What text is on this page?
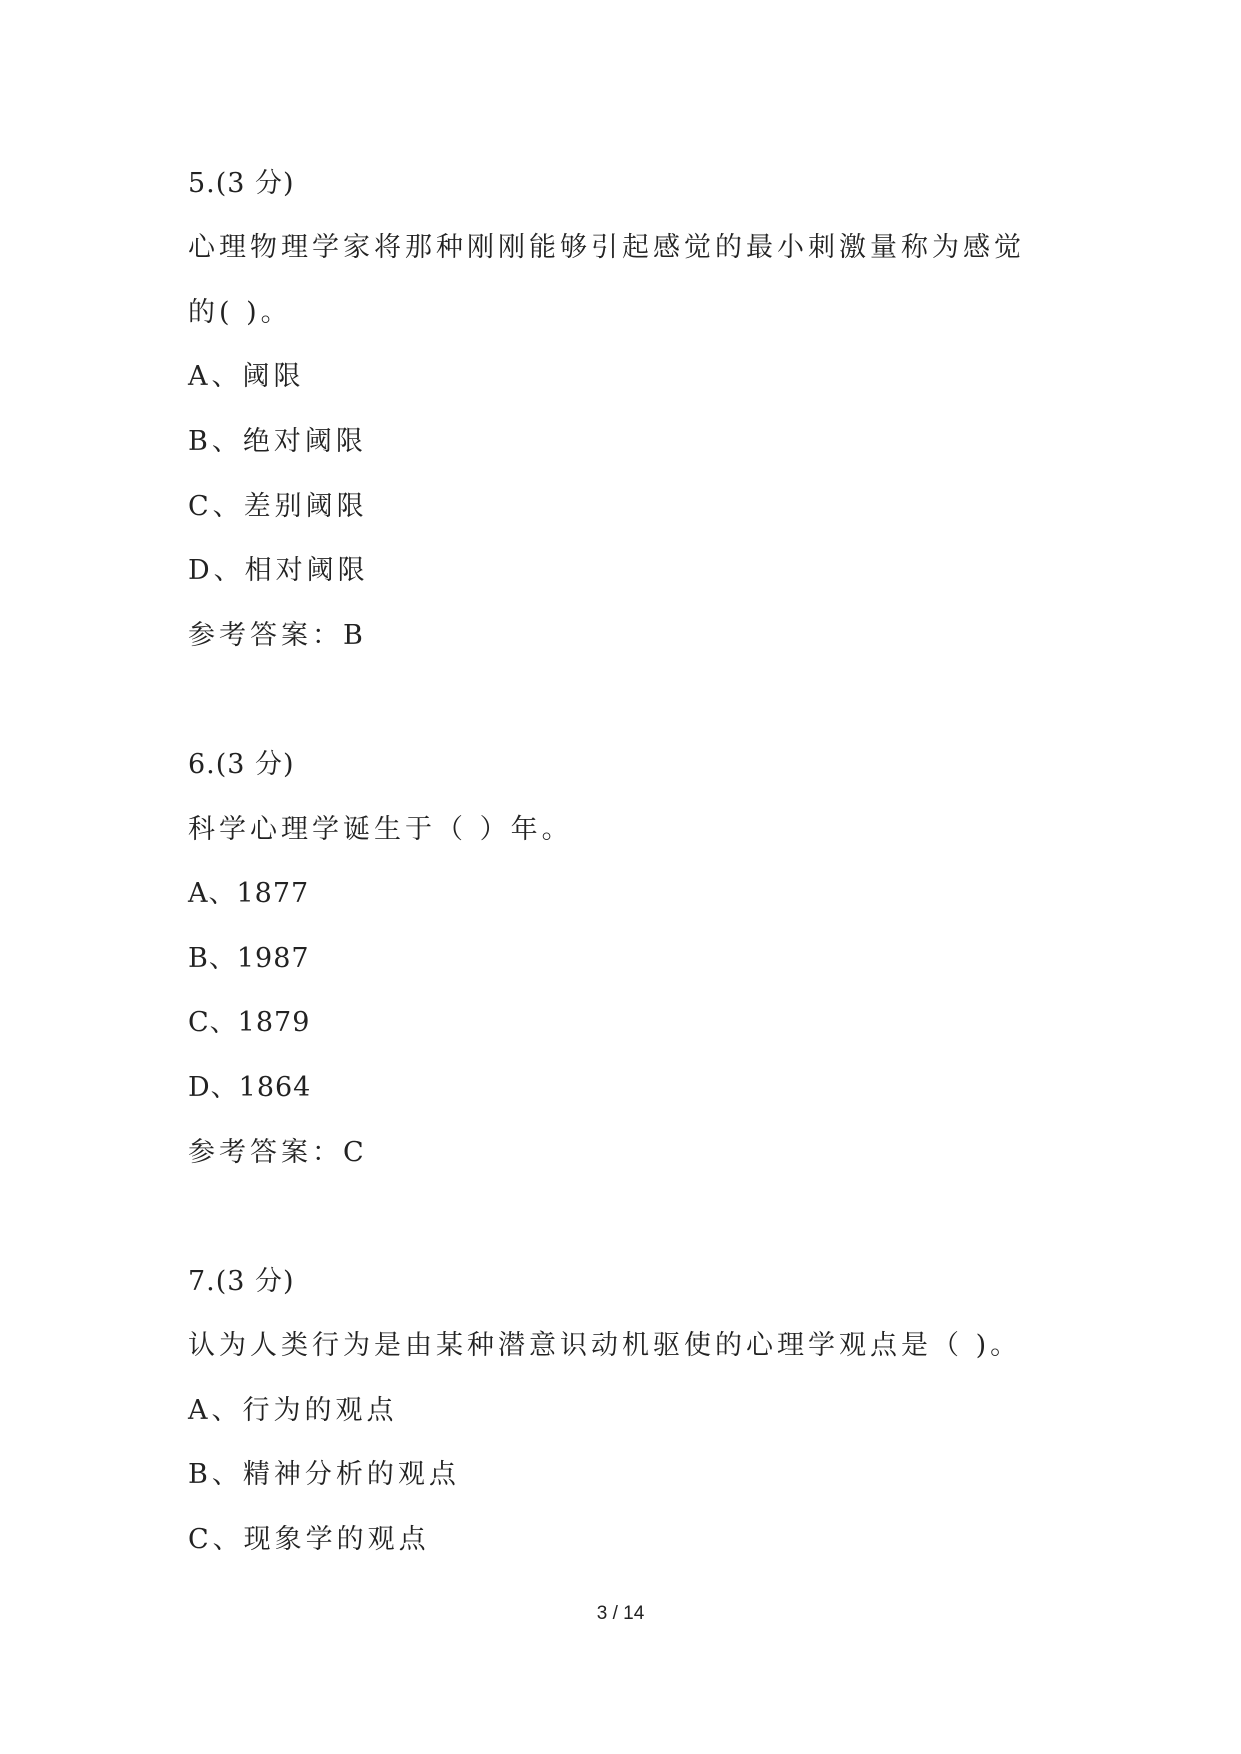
5.(3 分)
心理物理学家将那种刚刚能够引起感觉的最小刺激量称为感觉
的( )。
A、阈限
B、绝对阈限
C、差别阈限
D、相对阈限
参考答案：B
6.(3 分)
科学心理学诞生于（ ）年。
A、1877
B、1987
C、1879
D、1864
参考答案：C
7.(3 分)
认为人类行为是由某种潜意识动机驱使的心理学观点是（ )。
A、行为的观点
B、精神分析的观点
C、现象学的观点
3 / 14
